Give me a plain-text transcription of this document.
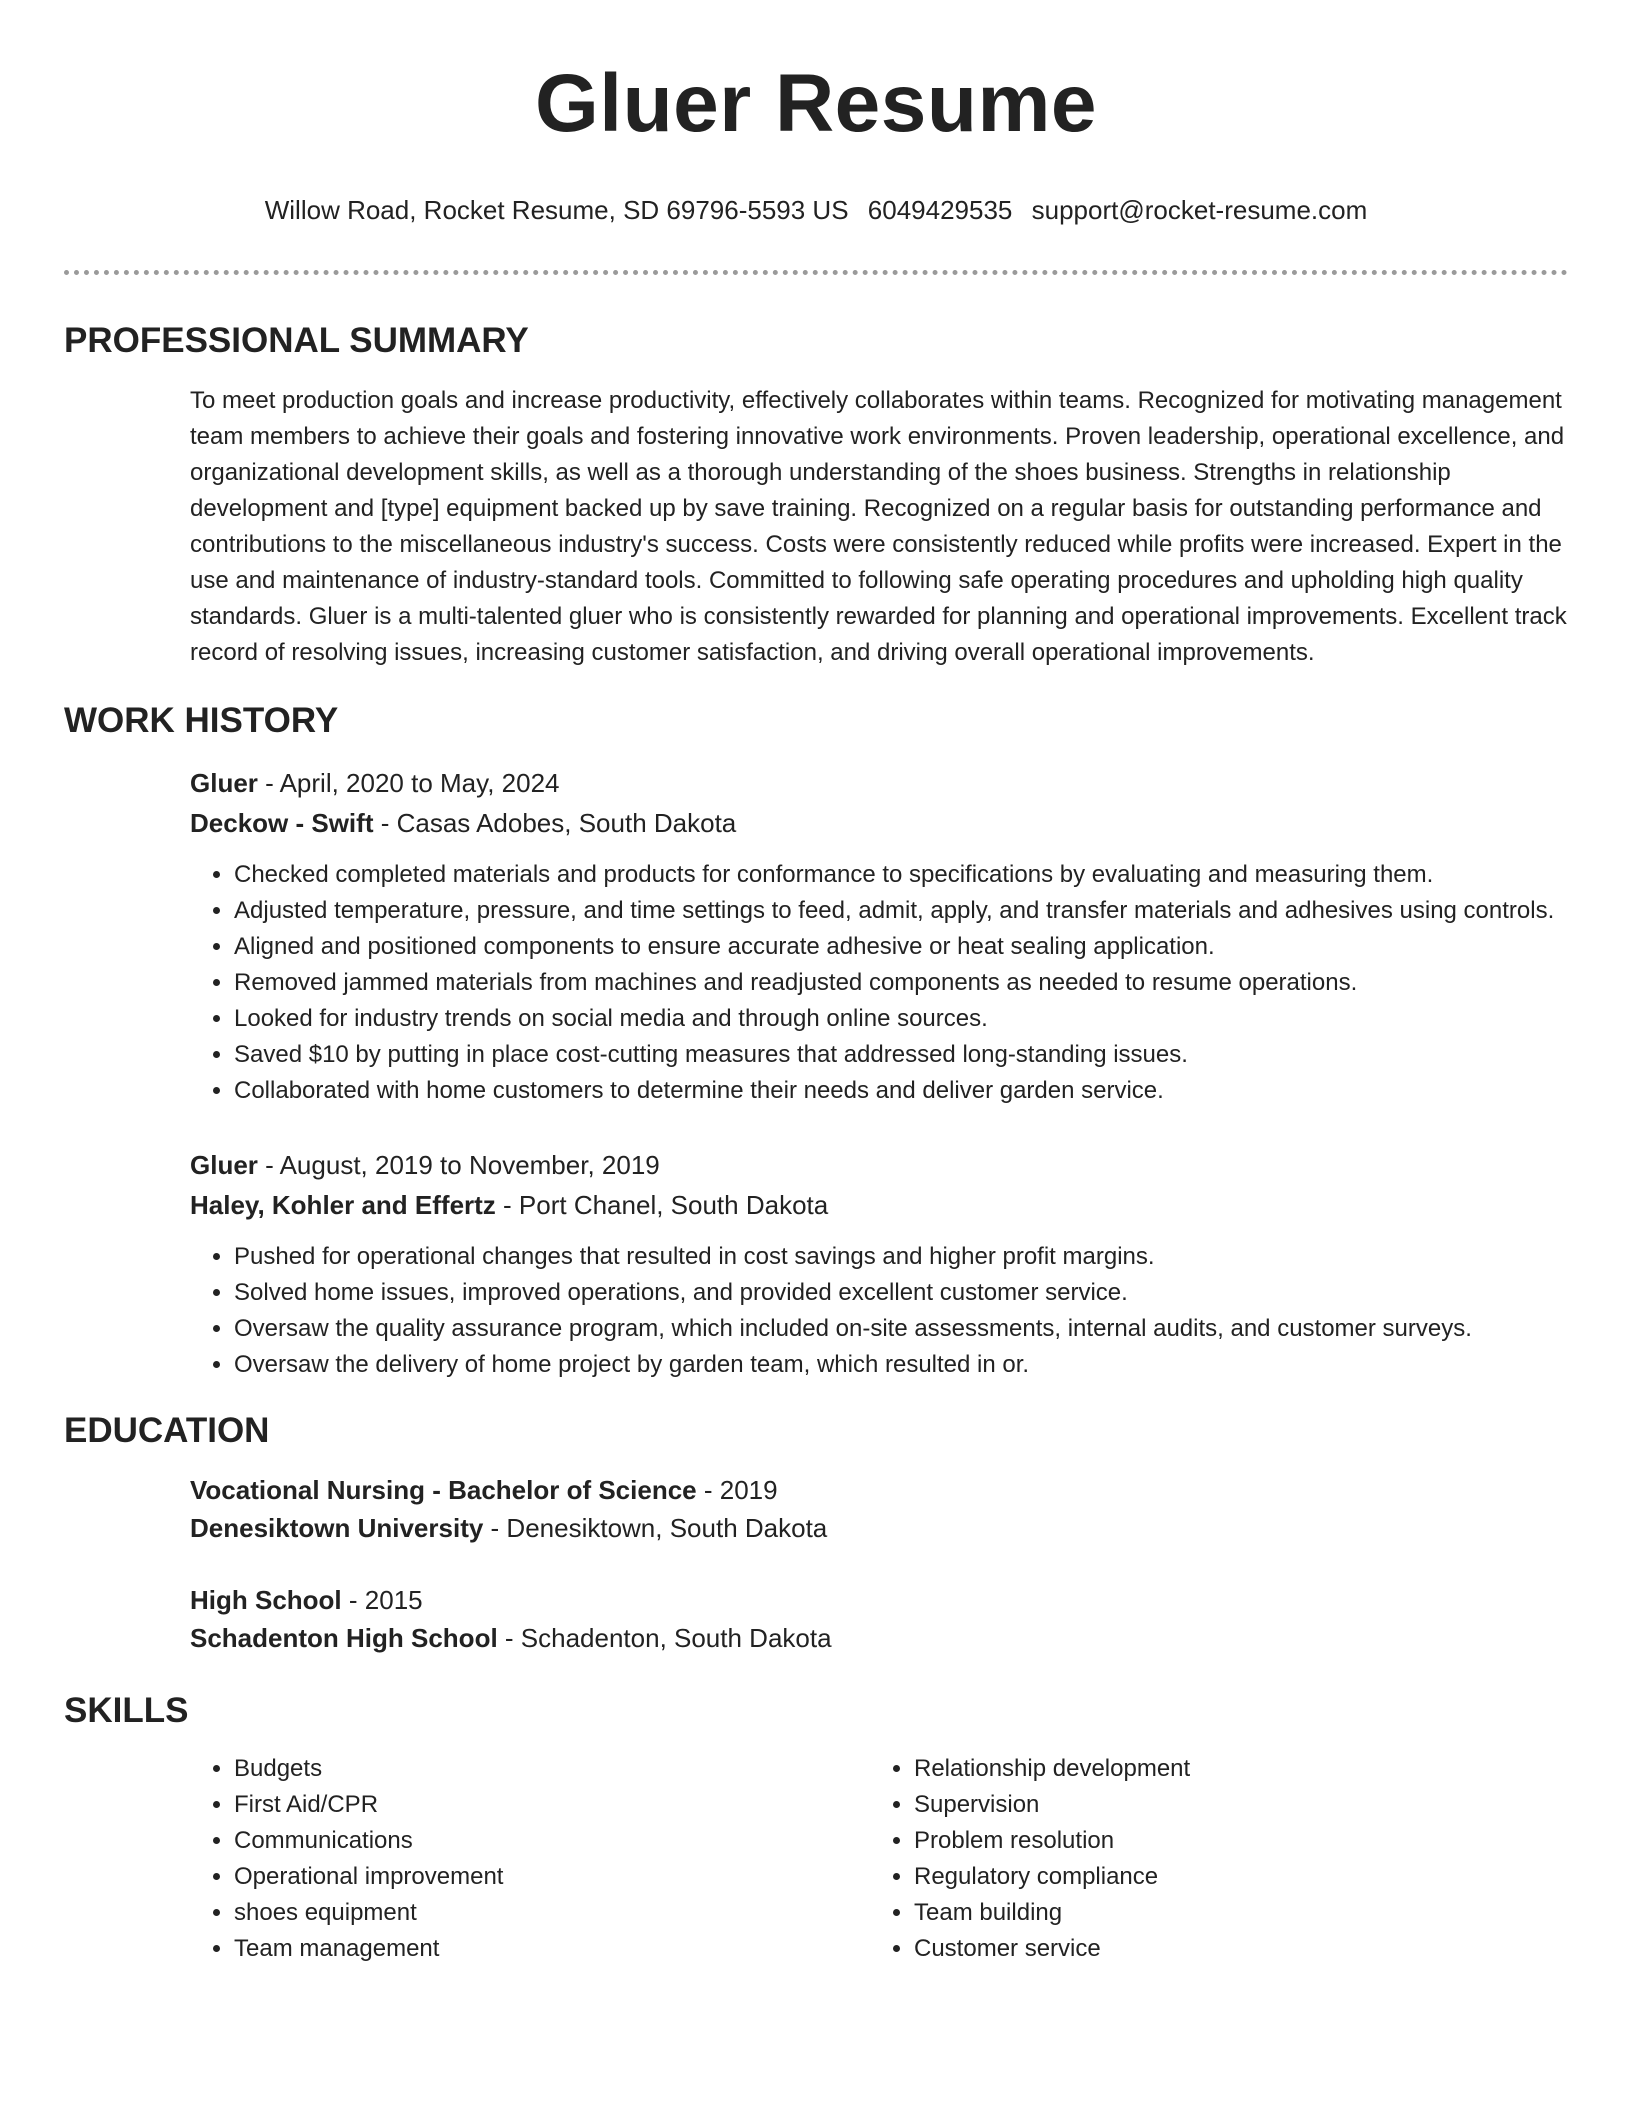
Gluer Resume
Willow Road, Rocket Resume, SD 69796-5593 US 6049429535 support@rocket-resume.com
PROFESSIONAL SUMMARY
To meet production goals and increase productivity, effectively collaborates within teams. Recognized for motivating management team members to achieve their goals and fostering innovative work environments. Proven leadership, operational excellence, and organizational development skills, as well as a thorough understanding of the shoes business. Strengths in relationship development and [type] equipment backed up by save training. Recognized on a regular basis for outstanding performance and contributions to the miscellaneous industry's success. Costs were consistently reduced while profits were increased. Expert in the use and maintenance of industry-standard tools. Committed to following safe operating procedures and upholding high quality standards. Gluer is a multi-talented gluer who is consistently rewarded for planning and operational improvements. Excellent track record of resolving issues, increasing customer satisfaction, and driving overall operational improvements.
WORK HISTORY
Gluer - April, 2020 to May, 2024
Deckow - Swift - Casas Adobes, South Dakota
• Checked completed materials and products for conformance to specifications by evaluating and measuring them.
• Adjusted temperature, pressure, and time settings to feed, admit, apply, and transfer materials and adhesives using controls.
• Aligned and positioned components to ensure accurate adhesive or heat sealing application.
• Removed jammed materials from machines and readjusted components as needed to resume operations.
• Looked for industry trends on social media and through online sources.
• Saved $10 by putting in place cost-cutting measures that addressed long-standing issues.
• Collaborated with home customers to determine their needs and deliver garden service.
Gluer - August, 2019 to November, 2019
Haley, Kohler and Effertz - Port Chanel, South Dakota
• Pushed for operational changes that resulted in cost savings and higher profit margins.
• Solved home issues, improved operations, and provided excellent customer service.
• Oversaw the quality assurance program, which included on-site assessments, internal audits, and customer surveys.
• Oversaw the delivery of home project by garden team, which resulted in or.
EDUCATION
Vocational Nursing - Bachelor of Science - 2019
Denesiktown University - Denesiktown, South Dakota
High School - 2015
Schadenton High School - Schadenton, South Dakota
SKILLS
• Budgets
• First Aid/CPR
• Communications
• Operational improvement
• shoes equipment
• Team management
• Relationship development
• Supervision
• Problem resolution
• Regulatory compliance
• Team building
• Customer service
